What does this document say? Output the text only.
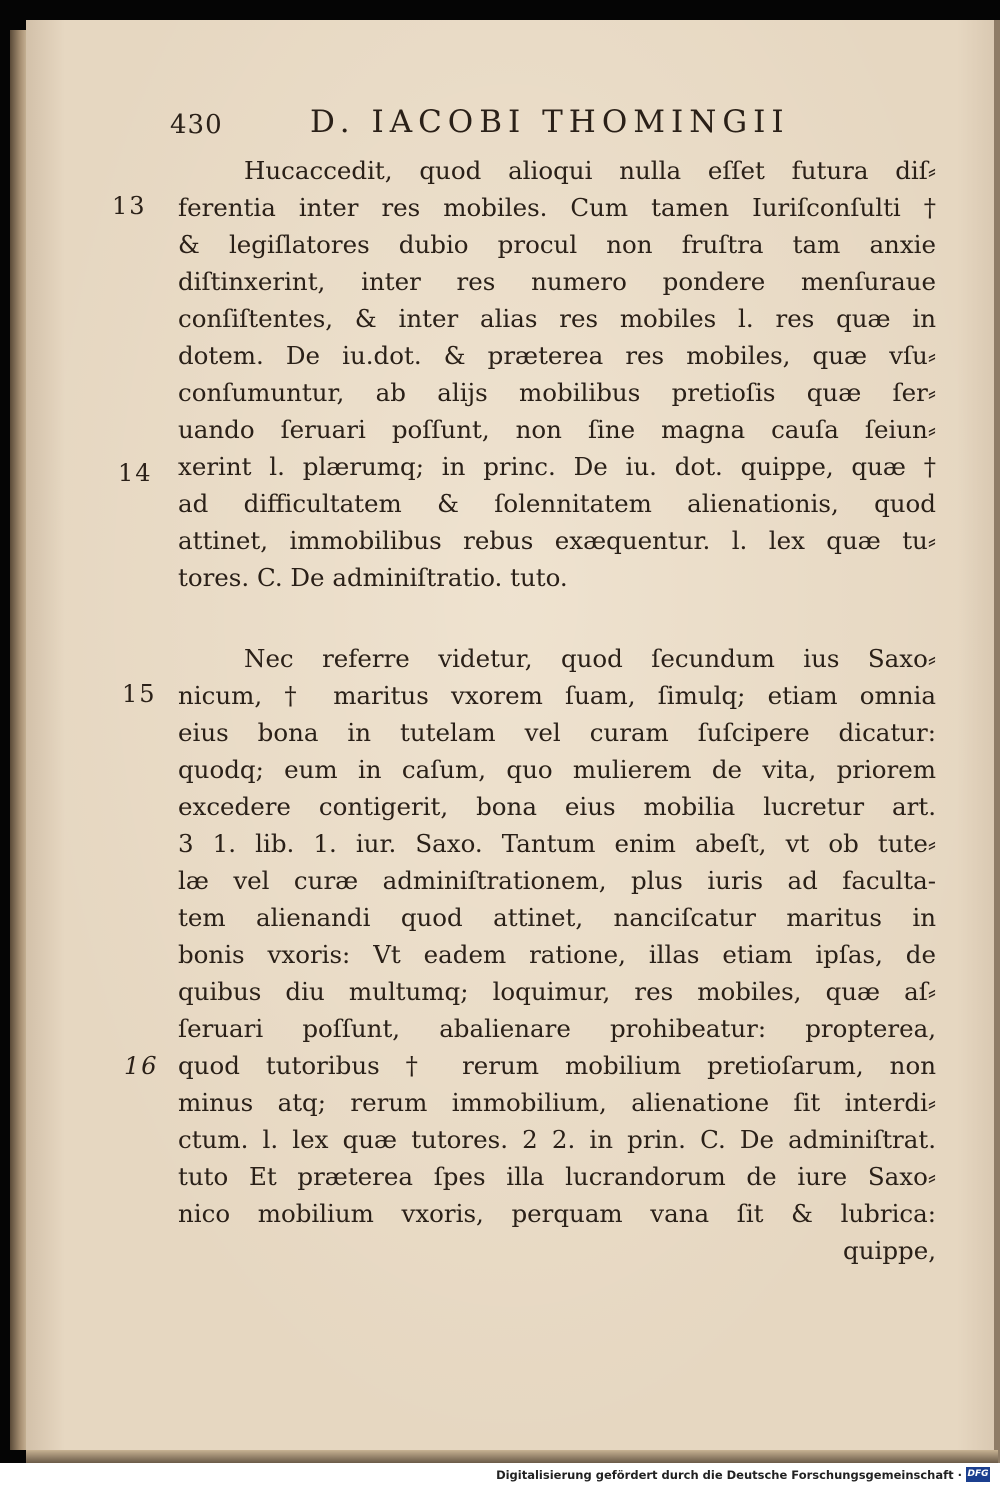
430	D. IACOBI THOMINGII
13
14
15
16
Hucaccedit, quod alioqui nulla eſſet futura diſ⸗
ferentia inter res mobiles. Cum tamen Iuriſconſulti †
& legiſlatores dubio procul non fruſtra tam anxie
diſtinxerint, inter res numero pondere menſuraue
conſiſtentes, & inter alias res mobiles l. res quæ in
dotem. De iu.dot. & præterea res mobiles, quæ vſu⸗
conſumuntur, ab alijs mobilibus pretioſis quæ ſer⸗
uando ſeruari poſſunt, non ſine magna cauſa ſeiun⸗
xerint l. plærumq; in princ. De iu. dot. quippe, quæ †
ad difficultatem & ſolennitatem alienationis, quod
attinet, immobilibus rebus exæquentur. l. lex quæ tu⸗
tores. C. De adminiſtratio. tuto.
Nec referre videtur, quod ſecundum ius Saxo⸗
nicum, † maritus vxorem ſuam, ſimulq; etiam omnia
eius bona in tutelam vel curam ſuſcipere dicatur:
quodq; eum in caſum, quo mulierem de vita, priorem
excedere contigerit, bona eius mobilia lucretur art.
3 1. lib. 1. iur. Saxo. Tantum enim abeſt, vt ob tute⸗
læ vel curæ adminiſtrationem, plus iuris ad faculta-
tem alienandi quod attinet, nanciſcatur maritus in
bonis vxoris: Vt eadem ratione, illas etiam ipſas, de
quibus diu multumq; loquimur, res mobiles, quæ aſ⸗
ſeruari poſſunt, abalienare prohibeatur: propterea,
quod tutoribus † rerum mobilium pretioſarum, non
minus atq; rerum immobilium, alienatione ſit interdi⸗
ctum. l. lex quæ tutores. 2 2. in prin. C. De adminiſtrat.
tuto Et præterea ſpes illa lucrandorum de iure Saxo⸗
nico mobilium vxoris, perquam vana ſit & lubrica:
quippe,
Digitalisierung gefördert durch die Deutsche Forschungsgemeinschaft · DFG
